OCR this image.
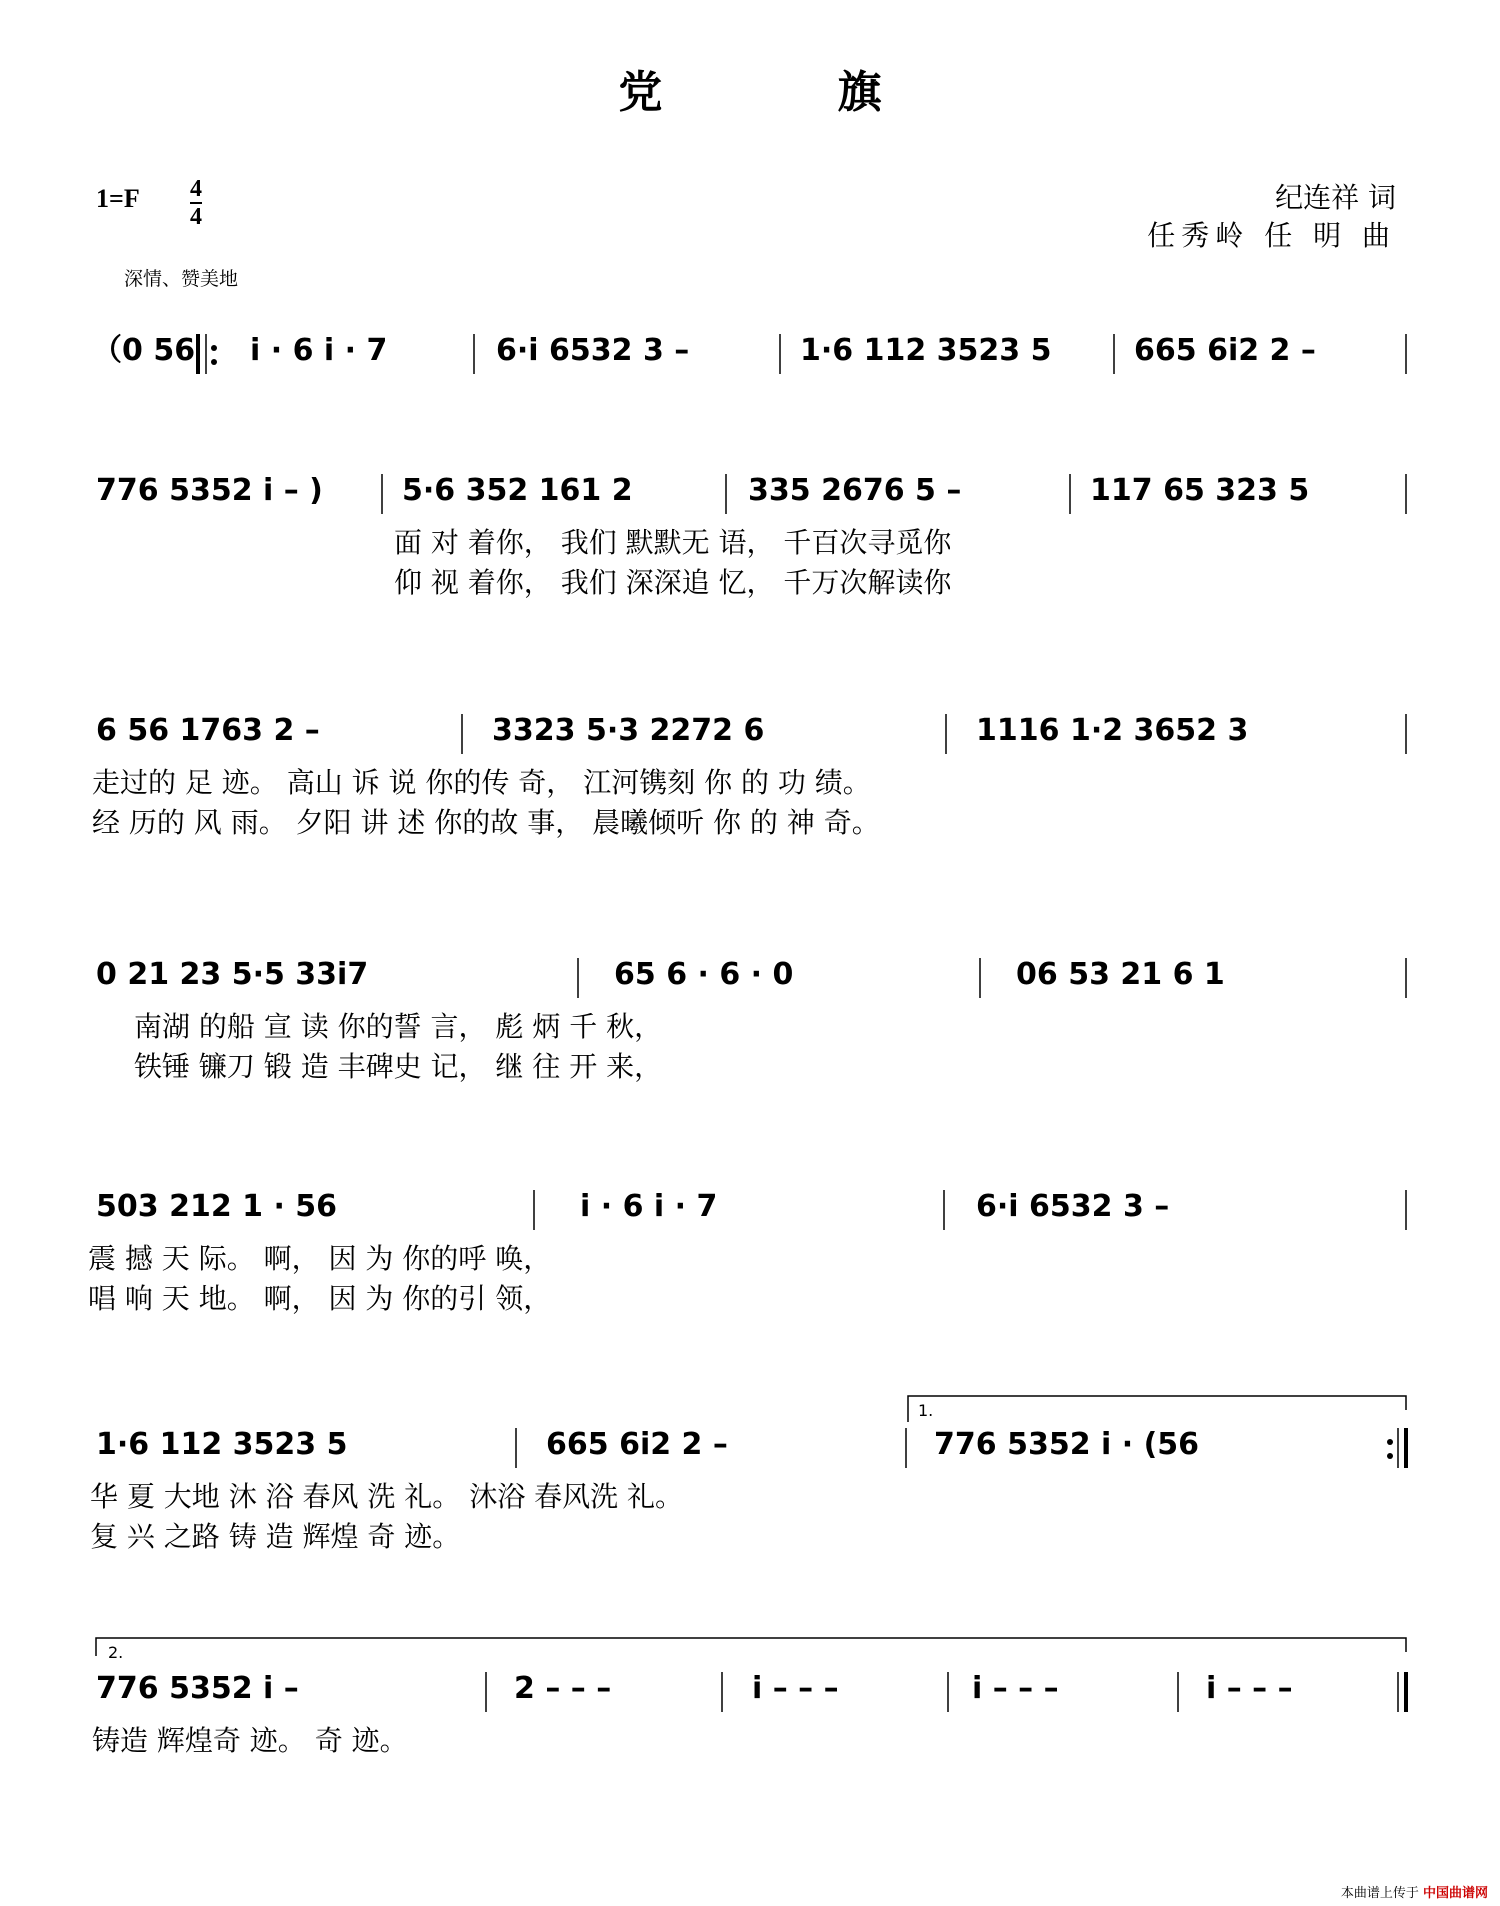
党 旗
1=F 4
4
纪连祥 词
任秀岭 任 明 曲
深情、赞美地
（0 56 i · 6 i · 7	6·i 6532 3 –	1·6 112 3523 5	665 6i2 2 –
776 5352 i – )	5·6 352 161 2	335 2676 5 –	117 65 323 5
面 对 着你， 我们 默默无 语， 千百次寻觅你
仰 视 着你， 我们 深深追 忆， 千万次解读你
6 56 1763 2 –	3323 5·3 2272 6	1116 1·2 3652 3
走过的 足 迹。 高山 诉 说 你的传 奇， 江河镌刻 你 的 功 绩。
经 历的 风 雨。 夕阳 讲 述 你的故 事， 晨曦倾听 你 的 神 奇。
0 21 23 5·5 33i7	65 6 · 6 · 0	06 53 21 6 1
南湖 的船 宣 读 你的誓 言， 彪 炳 千 秋，
铁锤 镰刀 锻 造 丰碑史 记， 继 往 开 来，
503 212 1 · 56	i · 6 i · 7	6·i 6532 3 –
震 撼 天 际。 啊， 因 为 你的呼 唤，
唱 响 天 地。 啊， 因 为 你的引 领，
1.
1·6 112 3523 5	665 6i2 2 –	776 5352 i · (56
华 夏 大地 沐 浴 春风 洗 礼。 沐浴 春风洗 礼。
复 兴 之路 铸 造 辉煌 奇 迹。
2.
776 5352 i –	2 – – –	i – – –	i – – –	i – – –
铸造 辉煌奇 迹。 奇 迹。
本曲谱上传于 中国曲谱网
